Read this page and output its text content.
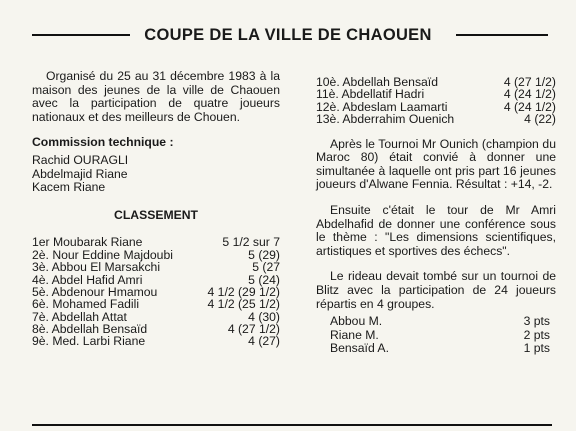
COUPE DE LA VILLE DE CHAOUEN

Organisé du 25 au 31 décembre 1983 à la maison des jeunes de la ville de Chaouen avec la participation de quatre joueurs nationaux et des meilleurs de Chouen.

Commission technique :

Rachid OURAGLI

Abdelmajid Riane

Kacem Riane

CLASSEMENT

1er Moubarak Riane	5 1/2 sur 7
2è. Nour Eddine Majdoubi	5 (29)
3è. Abbou El Marsakchi	5 (27
4è. Abdel Hafid Amri	5 (24)
5è. Abdenour Hmamou	4 1/2 (29 1/2)
6è. Mohamed Fadili	4 1/2 (25 1/2)
7è. Abdellah Attat	4 (30)
8è. Abdellah Bensaïd	4 (27 1/2)
9è. Med. Larbi Riane	4 (27)
10è. Abdellah Bensaïd	4 (27 1/2)
11è. Abdellatif Hadri	4 (24 1/2)
12è. Abdeslam Laamarti	4 (24 1/2)
13è. Abderrahim Ouenich	4 (22)

Après le Tournoi Mr Ounich (champion du Maroc 80) était convié à donner une simultanée à laquelle ont pris part 16 jeunes joueurs d'Alwane Fennia. Résultat : +14, -2.

Ensuite c'était le tour de Mr Amri Abdelhafid de donner une conférence sous le thème : "Les dimensions scientifiques, artistiques et sportives des échecs".

Le rideau devait tombé sur un tournoi de Blitz avec la participation de 24 joueurs répartis en 4 groupes.

Abbou M.	3 pts
Riane M.	2 pts
Bensaïd A.	1 pts
